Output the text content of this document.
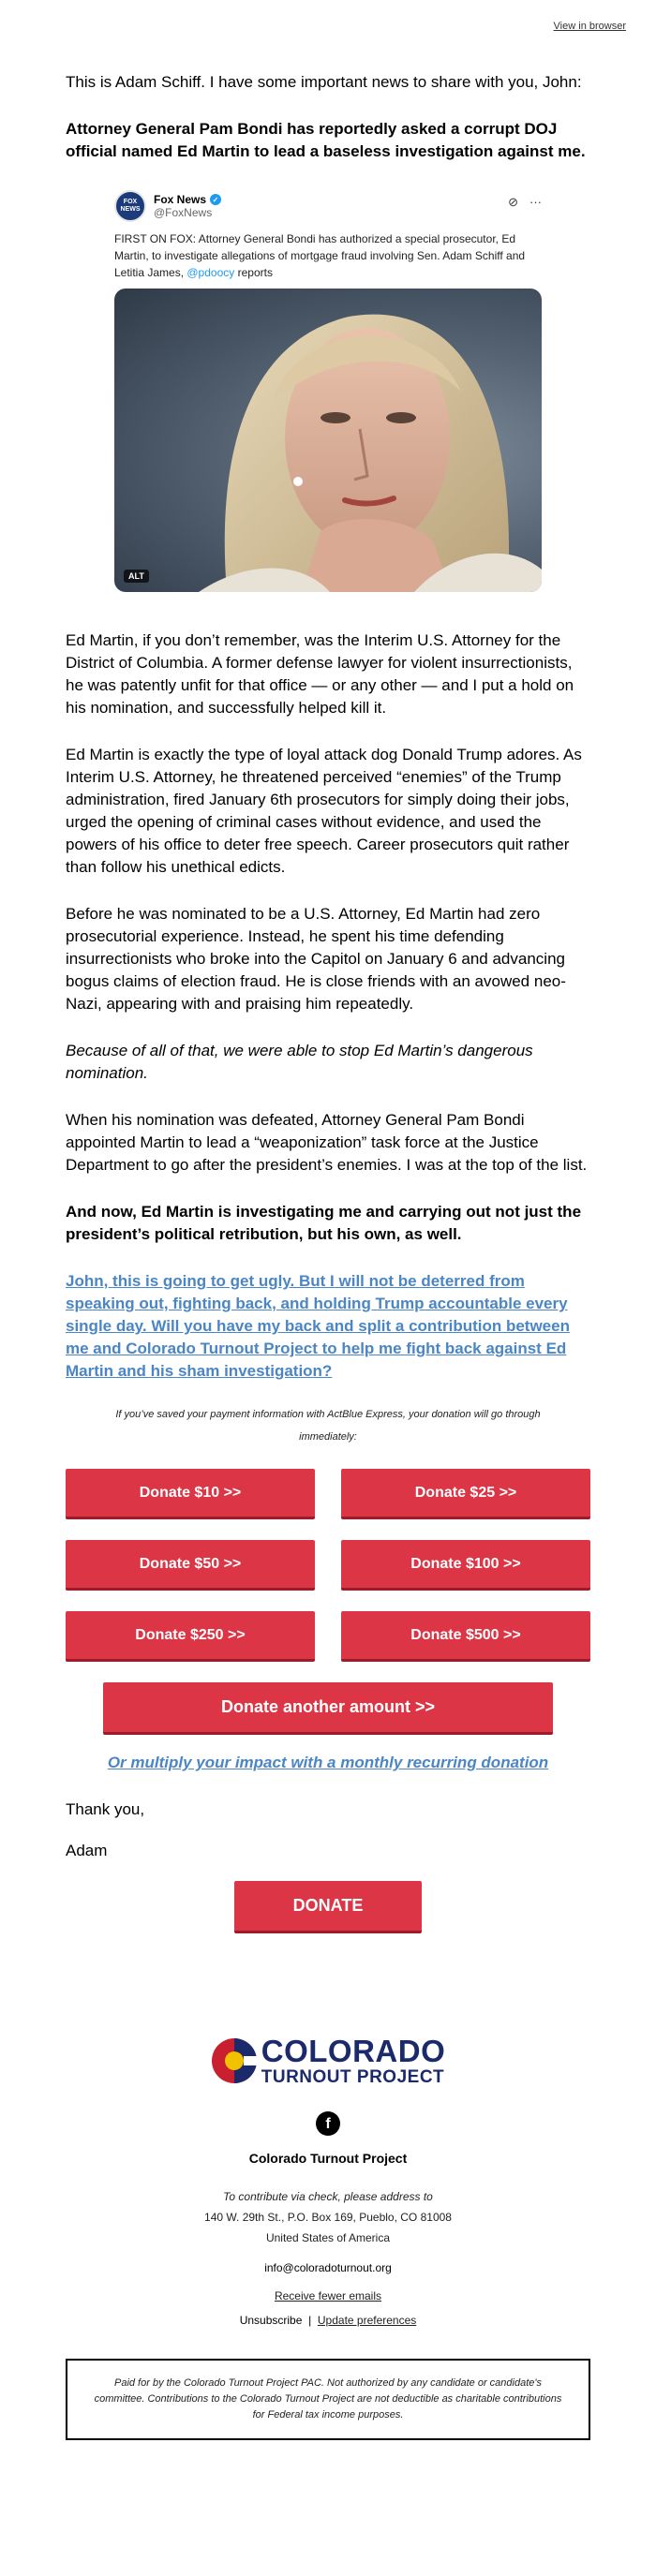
View in browser

This is Adam Schiff. I have some important news to share with you, John:

Attorney General Pam Bondi has reportedly asked a corrupt DOJ official named Ed Martin to lead a baseless investigation against me.

FOX
NEWS
Fox News ✓
@FoxNews
⊘ ···
FIRST ON FOX: Attorney General Bondi has authorized a special prosecutor, Ed Martin, to investigate allegations of mortgage fraud involving Sen. Adam Schiff and Letitia James, @pdoocy reports
ALT

Ed Martin, if you don’t remember, was the Interim U.S. Attorney for the District of Columbia. A former defense lawyer for violent insurrectionists, he was patently unfit for that office — or any other — and I put a hold on his nomination, and successfully helped kill it.

Ed Martin is exactly the type of loyal attack dog Donald Trump adores. As Interim U.S. Attorney, he threatened perceived “enemies” of the Trump administration, fired January 6th prosecutors for simply doing their jobs, urged the opening of criminal cases without evidence, and used the powers of his office to deter free speech. Career prosecutors quit rather than follow his unethical edicts.

Before he was nominated to be a U.S. Attorney, Ed Martin had zero prosecutorial experience. Instead, he spent his time defending insurrectionists who broke into the Capitol on January 6 and advancing bogus claims of election fraud. He is close friends with an avowed neo-Nazi, appearing with and praising him repeatedly.

Because of all of that, we were able to stop Ed Martin’s dangerous nomination.

When his nomination was defeated, Attorney General Pam Bondi appointed Martin to lead a “weaponization” task force at the Justice Department to go after the president’s enemies. I was at the top of the list.

And now, Ed Martin is investigating me and carrying out not just the president’s political retribution, but his own, as well.

John, this is going to get ugly. But I will not be deterred from speaking out, fighting back, and holding Trump accountable every single day. Will you have my back and split a contribution between me and Colorado Turnout Project to help me fight back against Ed Martin and his sham investigation?

If you’ve saved your payment information with ActBlue Express, your donation will go through immediately:

Donate $10 >>	Donate $25 >>
Donate $50 >>	Donate $100 >>
Donate $250 >>	Donate $500 >>
Donate another amount >>
Or multiply your impact with a monthly recurring donation

Thank you,

Adam

DONATE
COLORADO
TURNOUT PROJECT
f
Colorado Turnout Project
To contribute via check, please address to
140 W. 29th St., P.O. Box 169, Pueblo, CO 81008
United States of America
info@coloradoturnout.org
Receive fewer emails
Unsubscribe | Update preferences
Paid for by the Colorado Turnout Project PAC. Not authorized by any candidate or candidate's committee. Contributions to the Colorado Turnout Project are not deductible as charitable contributions for Federal tax income purposes.
